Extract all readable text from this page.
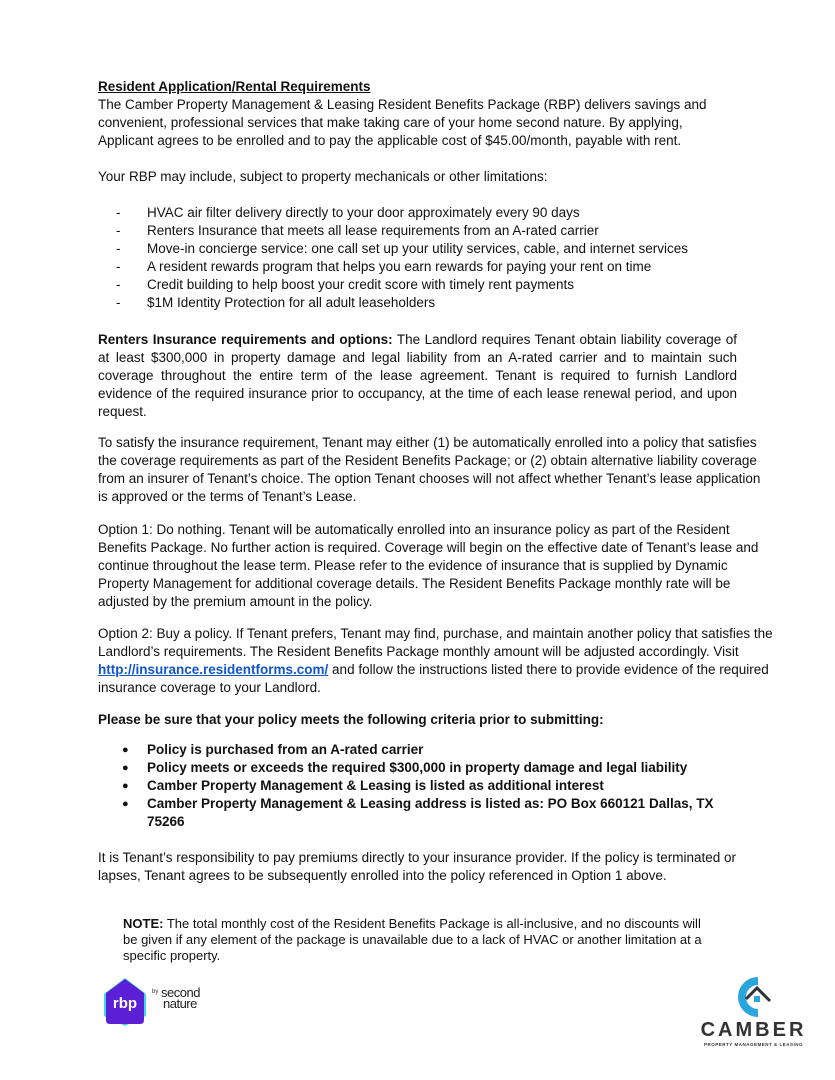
Resident Application/Rental Requirements
The Camber Property Management & Leasing Resident Benefits Package (RBP) delivers savings and
convenient, professional services that make taking care of your home second nature. By applying,
Applicant agrees to be enrolled and to pay the applicable cost of $45.00/month, payable with rent.
Your RBP may include, subject to property mechanicals or other limitations:
- HVAC air filter delivery directly to your door approximately every 90 days
- Renters Insurance that meets all lease requirements from an A-rated carrier
- Move-in concierge service: one call set up your utility services, cable, and internet services
- A resident rewards program that helps you earn rewards for paying your rent on time
- Credit building to help boost your credit score with timely rent payments
- $1M Identity Protection for all adult leaseholders
Renters Insurance requirements and options: The Landlord requires Tenant obtain liability coverage of
at least $300,000 in property damage and legal liability from an A-rated carrier and to maintain such
coverage throughout the entire term of the lease agreement. Tenant is required to furnish Landlord
evidence of the required insurance prior to occupancy, at the time of each lease renewal period, and upon
request.
To satisfy the insurance requirement, Tenant may either (1) be automatically enrolled into a policy that satisfies
the coverage requirements as part of the Resident Benefits Package; or (2) obtain alternative liability coverage
from an insurer of Tenant’s choice. The option Tenant chooses will not affect whether Tenant’s lease application
is approved or the terms of Tenant’s Lease.
Option 1: Do nothing. Tenant will be automatically enrolled into an insurance policy as part of the Resident
Benefits Package. No further action is required. Coverage will begin on the effective date of Tenant’s lease and
continue throughout the lease term. Please refer to the evidence of insurance that is supplied by Dynamic
Property Management for additional coverage details. The Resident Benefits Package monthly rate will be
adjusted by the premium amount in the policy.
Option 2: Buy a policy. If Tenant prefers, Tenant may find, purchase, and maintain another policy that satisfies the
Landlord’s requirements. The Resident Benefits Package monthly amount will be adjusted accordingly. Visit
http://insurance.residentforms.com/ and follow the instructions listed there to provide evidence of the required
insurance coverage to your Landlord.
Please be sure that your policy meets the following criteria prior to submitting:
● Policy is purchased from an A-rated carrier
● Policy meets or exceeds the required $300,000 in property damage and legal liability
● Camber Property Management & Leasing is listed as additional interest
● Camber Property Management & Leasing address is listed as: PO Box 660121 Dallas, TX
75266
It is Tenant’s responsibility to pay premiums directly to your insurance provider. If the policy is terminated or
lapses, Tenant agrees to be subsequently enrolled into the policy referenced in Option 1 above.
NOTE: The total monthly cost of the Resident Benefits Package is all-inclusive, and no discounts will
be given if any element of the package is unavailable due to a lack of HVAC or another limitation at a
specific property.
rbp
by second
nature
CAMBER
PROPERTY MANAGEMENT & LEASING
